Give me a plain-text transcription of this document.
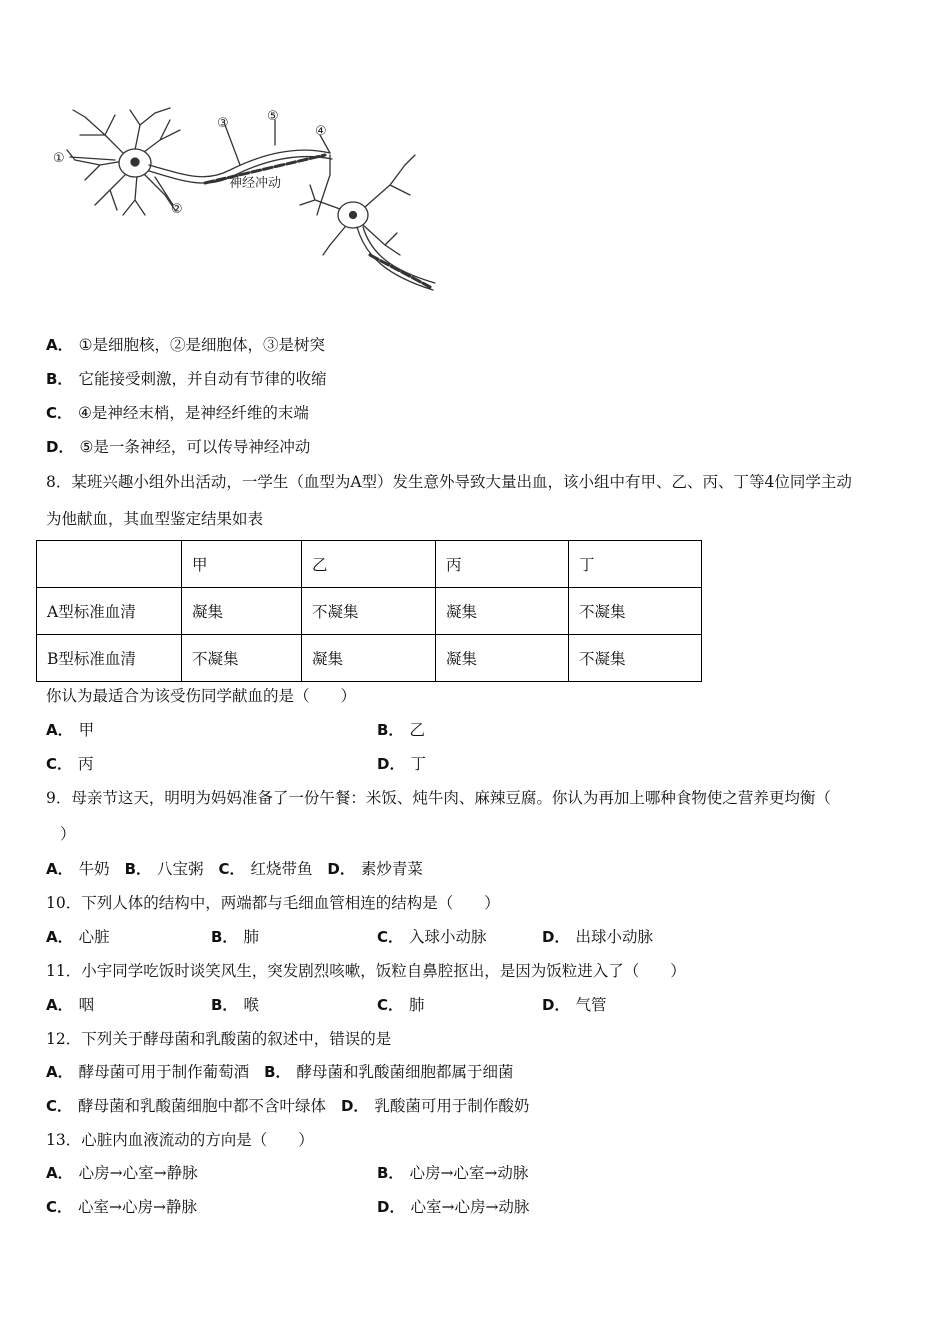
①
②
③
④
⑤
神经冲动
A． ①是细胞核，②是细胞体，③是树突
B． 它能接受刺激，并自动有节律的收缩
C． ④是神经末梢，是神经纤维的末端
D． ⑤是一条神经，可以传导神经冲动
8．某班兴趣小组外出活动，一学生（血型为A型）发生意外导致大量出血，该小组中有甲、乙、丙、丁等4位同学主动
为他献血，其血型鉴定结果如表
	甲	乙	丙	丁
A型标准血清	凝集	不凝集	凝集	不凝集
B型标准血清	不凝集	凝集	凝集	不凝集
你认为最适合为该受伤同学献血的是（　　）
A． 甲	B． 乙
C． 丙	D． 丁
9．母亲节这天，明明为妈妈准备了一份午餐：米饭、炖牛肉、麻辣豆腐。你认为再加上哪种食物使之营养更均衡（
）
A． 牛奶 B． 八宝粥 C． 红烧带鱼 D． 素炒青菜
10．下列人体的结构中，两端都与毛细血管相连的结构是（　　）
A． 心脏	B． 肺	C． 入球小动脉	D． 出球小动脉
11．小宇同学吃饭时谈笑风生，突发剧烈咳嗽，饭粒自鼻腔抠出，是因为饭粒进入了（　　）
A． 咽	B． 喉	C． 肺	D． 气管
12．下列关于酵母菌和乳酸菌的叙述中，错误的是
A． 酵母菌可用于制作葡萄酒 B． 酵母菌和乳酸菌细胞都属于细菌
C． 酵母菌和乳酸菌细胞中都不含叶绿体 D． 乳酸菌可用于制作酸奶
13．心脏内血液流动的方向是（　　）
A． 心房→心室→静脉	B． 心房→心室→动脉
C． 心室→心房→静脉	D． 心室→心房→动脉
